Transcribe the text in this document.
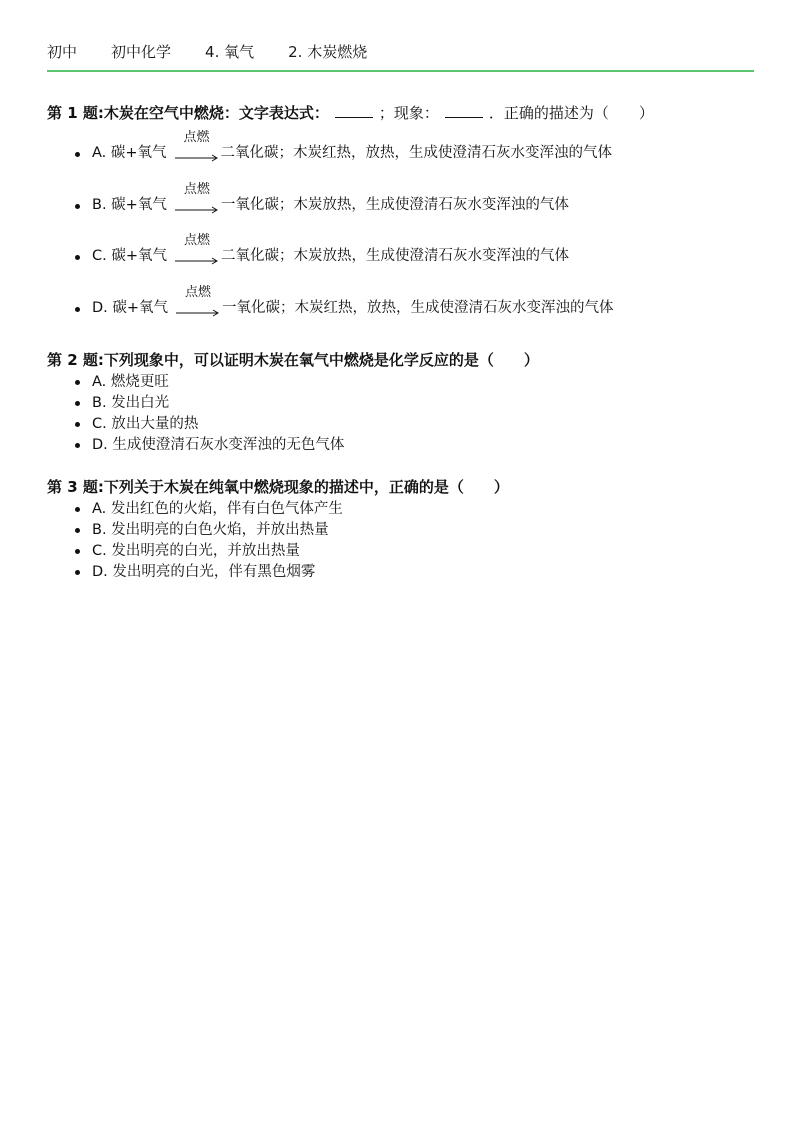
初中 初中化学 4. 氧气 2. 木炭燃烧
第 1 题:木炭在空气中燃烧：文字表达式：	；现象：	．正确的描述为（　　）
A. 碳+氧气
点燃
二氧化碳；木炭红热，放热，生成使澄清石灰水变浑浊的气体
B. 碳+氧气
点燃
一氧化碳；木炭放热，生成使澄清石灰水变浑浊的气体
C. 碳+氧气
点燃
二氧化碳；木炭放热，生成使澄清石灰水变浑浊的气体
D. 碳+氧气
点燃
一氧化碳；木炭红热，放热，生成使澄清石灰水变浑浊的气体
第 2 题:下列现象中，可以证明木炭在氧气中燃烧是化学反应的是（　　）
A. 燃烧更旺
B. 发出白光
C. 放出大量的热
D. 生成使澄清石灰水变浑浊的无色气体
第 3 题:下列关于木炭在纯氧中燃烧现象的描述中，正确的是（　　）
A. 发出红色的火焰，伴有白色气体产生
B. 发出明亮的白色火焰，并放出热量
C. 发出明亮的白光，并放出热量
D. 发出明亮的白光，伴有黑色烟雾
